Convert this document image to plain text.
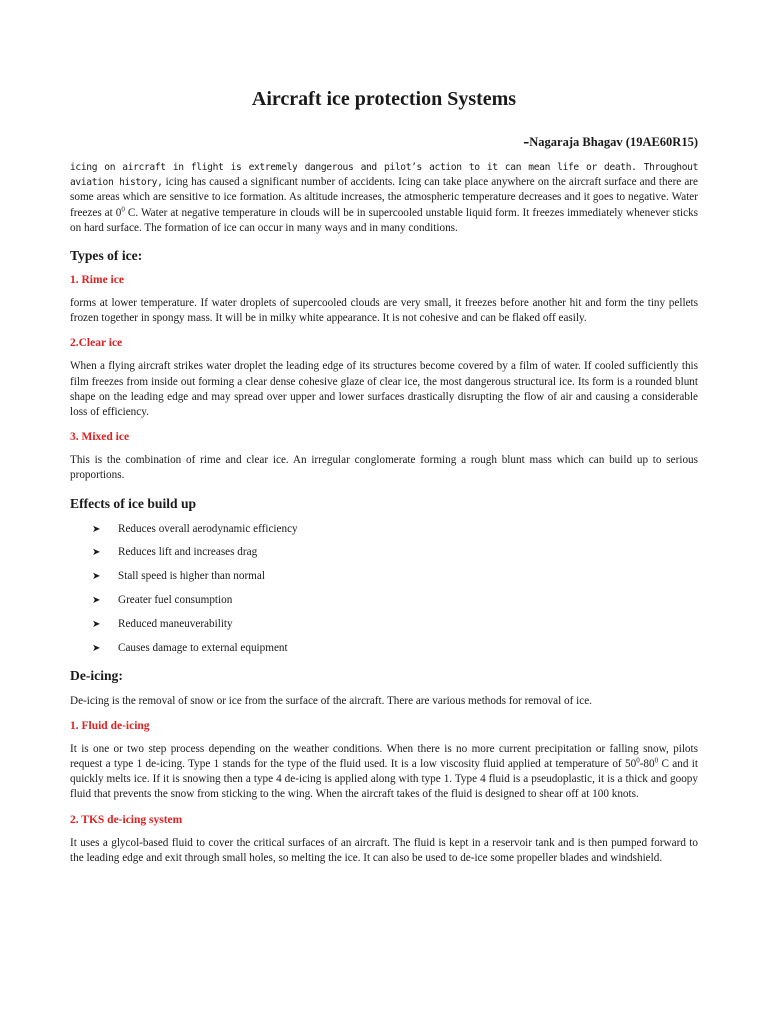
Aircraft ice protection Systems
-Nagaraja Bhagav (19AE60R15)

icing on aircraft in flight is extremely dangerous and pilot’s action to it can mean life or death. Throughout aviation history, icing has caused a significant number of accidents. Icing can take place anywhere on the aircraft surface and there are some areas which are sensitive to ice formation. As altitude increases, the atmospheric temperature decreases and it goes to negative. Water freezes at $0^0$ C. Water at negative temperature in clouds will be in supercooled unstable liquid form. It freezes immediately whenever sticks on hard surface. The formation of ice can occur in many ways and in many conditions.

Types of ice:
1. Rime ice

forms at lower temperature. If water droplets of supercooled clouds are very small, it freezes before another hit and form the tiny pellets frozen together in spongy mass. It will be in milky white appearance. It is not cohesive and can be flaked off easily.

2.Clear ice

When a flying aircraft strikes water droplet the leading edge of its structures become covered by a film of water. If cooled sufficiently this film freezes from inside out forming a clear dense cohesive glaze of clear ice, the most dangerous structural ice. Its form is a rounded blunt shape on the leading edge and may spread over upper and lower surfaces drastically disrupting the flow of air and causing a considerable loss of efficiency.

3. Mixed ice

This is the combination of rime and clear ice. An irregular conglomerate forming a rough blunt mass which can build up to serious proportions.

Effects of ice build up
➤	Reduces overall aerodynamic efficiency
➤	Reduces lift and increases drag
➤	Stall speed is higher than normal
➤	Greater fuel consumption
➤	Reduced maneuverability
➤	Causes damage to external equipment
De-icing:

De-icing is the removal of snow or ice from the surface of the aircraft. There are various methods for removal of ice.

1. Fluid de-icing

It is one or two step process depending on the weather conditions. When there is no more current precipitation or falling snow, pilots request a type 1 de-icing. Type 1 stands for the type of the fluid used. It is a low viscosity fluid applied at temperature of $50^0-80^0$ C and it quickly melts ice. If it is snowing then a type 4 de-icing is applied along with type 1. Type 4 fluid is a pseudoplastic, it is a thick and goopy fluid that prevents the snow from sticking to the wing. When the aircraft takes of the fluid is designed to shear off at 100 knots.

2. TKS de-icing system

It uses a glycol-based fluid to cover the critical surfaces of an aircraft. The fluid is kept in a reservoir tank and is then pumped forward to the leading edge and exit through small holes, so melting the ice. It can also be used to de-ice some propeller blades and windshield.
